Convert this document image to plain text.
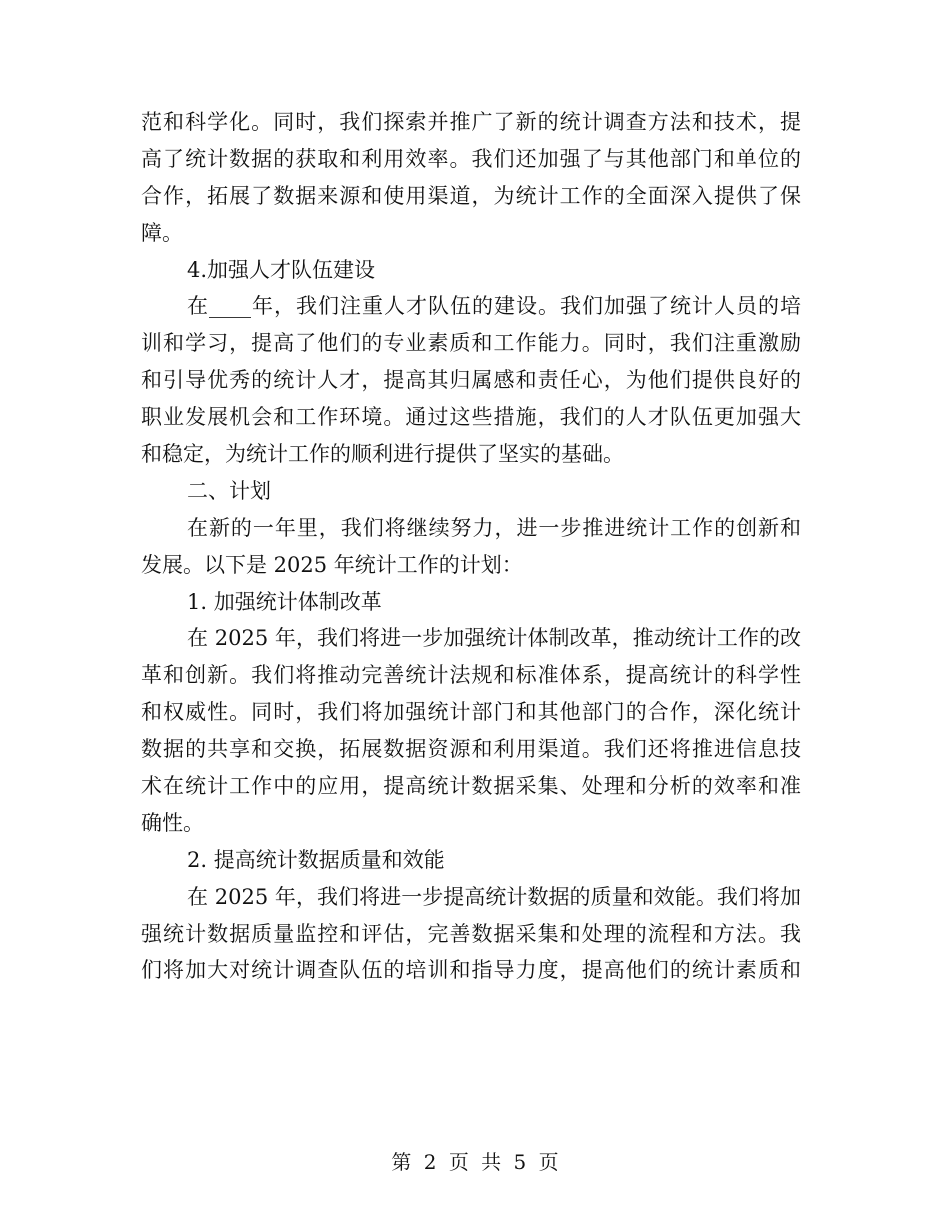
范和科学化。同时，我们探索并推广了新的统计调查方法和技术，提
高了统计数据的获取和利用效率。我们还加强了与其他部门和单位的
合作，拓展了数据来源和使用渠道，为统计工作的全面深入提供了保
障。
4.加强人才队伍建设
在____年，我们注重人才队伍的建设。我们加强了统计人员的培
训和学习，提高了他们的专业素质和工作能力。同时，我们注重激励
和引导优秀的统计人才，提高其归属感和责任心，为他们提供良好的
职业发展机会和工作环境。通过这些措施，我们的人才队伍更加强大
和稳定，为统计工作的顺利进行提供了坚实的基础。
二、计划
在新的一年里，我们将继续努力，进一步推进统计工作的创新和
发展。以下是 2025 年统计工作的计划：
1. 加强统计体制改革
在 2025 年，我们将进一步加强统计体制改革，推动统计工作的改
革和创新。我们将推动完善统计法规和标准体系，提高统计的科学性
和权威性。同时，我们将加强统计部门和其他部门的合作，深化统计
数据的共享和交换，拓展数据资源和利用渠道。我们还将推进信息技
术在统计工作中的应用，提高统计数据采集、处理和分析的效率和准
确性。
2. 提高统计数据质量和效能
在 2025 年，我们将进一步提高统计数据的质量和效能。我们将加
强统计数据质量监控和评估，完善数据采集和处理的流程和方法。我
们将加大对统计调查队伍的培训和指导力度，提高他们的统计素质和
第 2 页 共 5 页
